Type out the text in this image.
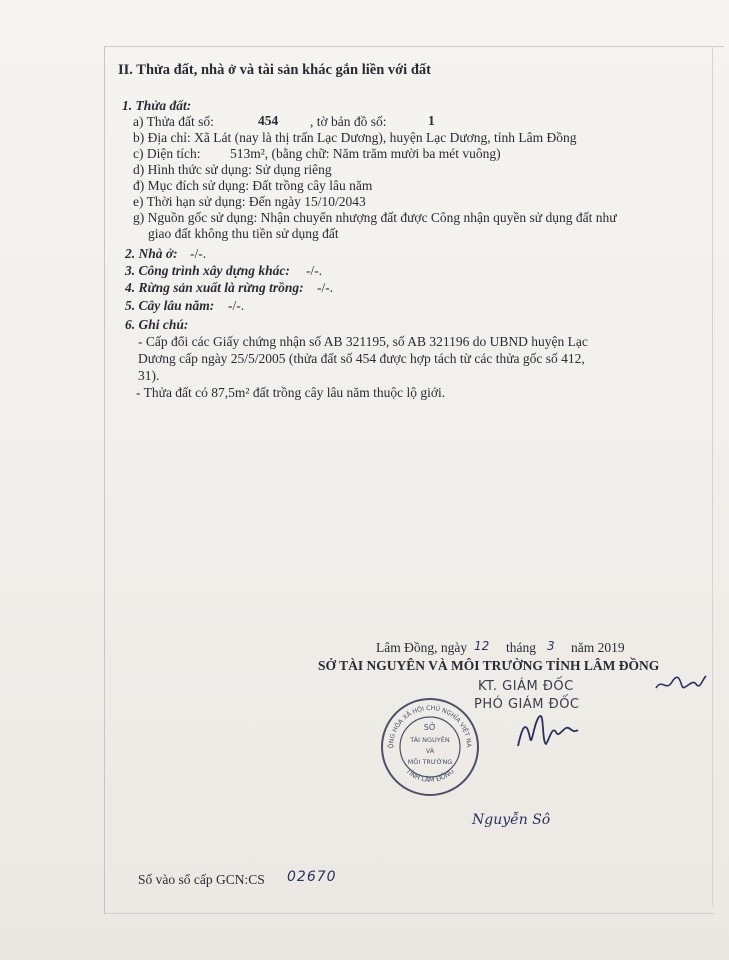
II. Thửa đất, nhà ở và tài sản khác gắn liền với đất
1. Thửa đất:
a) Thửa đất số:	454 , tờ bản đồ số:	1
b) Địa chỉ: Xã Lát (nay là thị trấn Lạc Dương), huyện Lạc Dương, tỉnh Lâm Đồng
c) Diện tích: 513m², (bằng chữ: Năm trăm mười ba mét vuông)
d) Hình thức sử dụng: Sử dụng riêng
đ) Mục đích sử dụng: Đất trồng cây lâu năm
e) Thời hạn sử dụng: Đến ngày 15/10/2043
g) Nguồn gốc sử dụng: Nhận chuyển nhượng đất được Công nhận quyền sử dụng đất như
giao đất không thu tiền sử dụng đất
2. Nhà ở: -/-.
3. Công trình xây dựng khác: -/-.
4. Rừng sản xuất là rừng trồng: -/-.
5. Cây lâu năm: -/-.
6. Ghi chú:
- Cấp đổi các Giấy chứng nhận số AB 321195, số AB 321196 do UBND huyện Lạc
Dương cấp ngày 25/5/2005 (thửa đất số 454 được hợp tách từ các thửa gốc số 412,
31).
- Thửa đất có 87,5m² đất trồng cây lâu năm thuộc lộ giới.
Lâm Đồng, ngày 12 tháng 3 năm 2019
SỞ TÀI NGUYÊN VÀ MÔI TRƯỜNG TỈNH LÂM ĐỒNG
KT. GIÁM ĐỐC
PHÓ GIÁM ĐỐC
ỘNG HÒA XÃ HỘI CHỦ NGHĨA VIỆT NA
TỈNH LÂM ĐỒNG
SỞ
TÀI NGUYÊN
VÀ
MÔI TRƯỜNG
Nguyễn Sô
Số vào sổ cấp GCN:CS 02670
